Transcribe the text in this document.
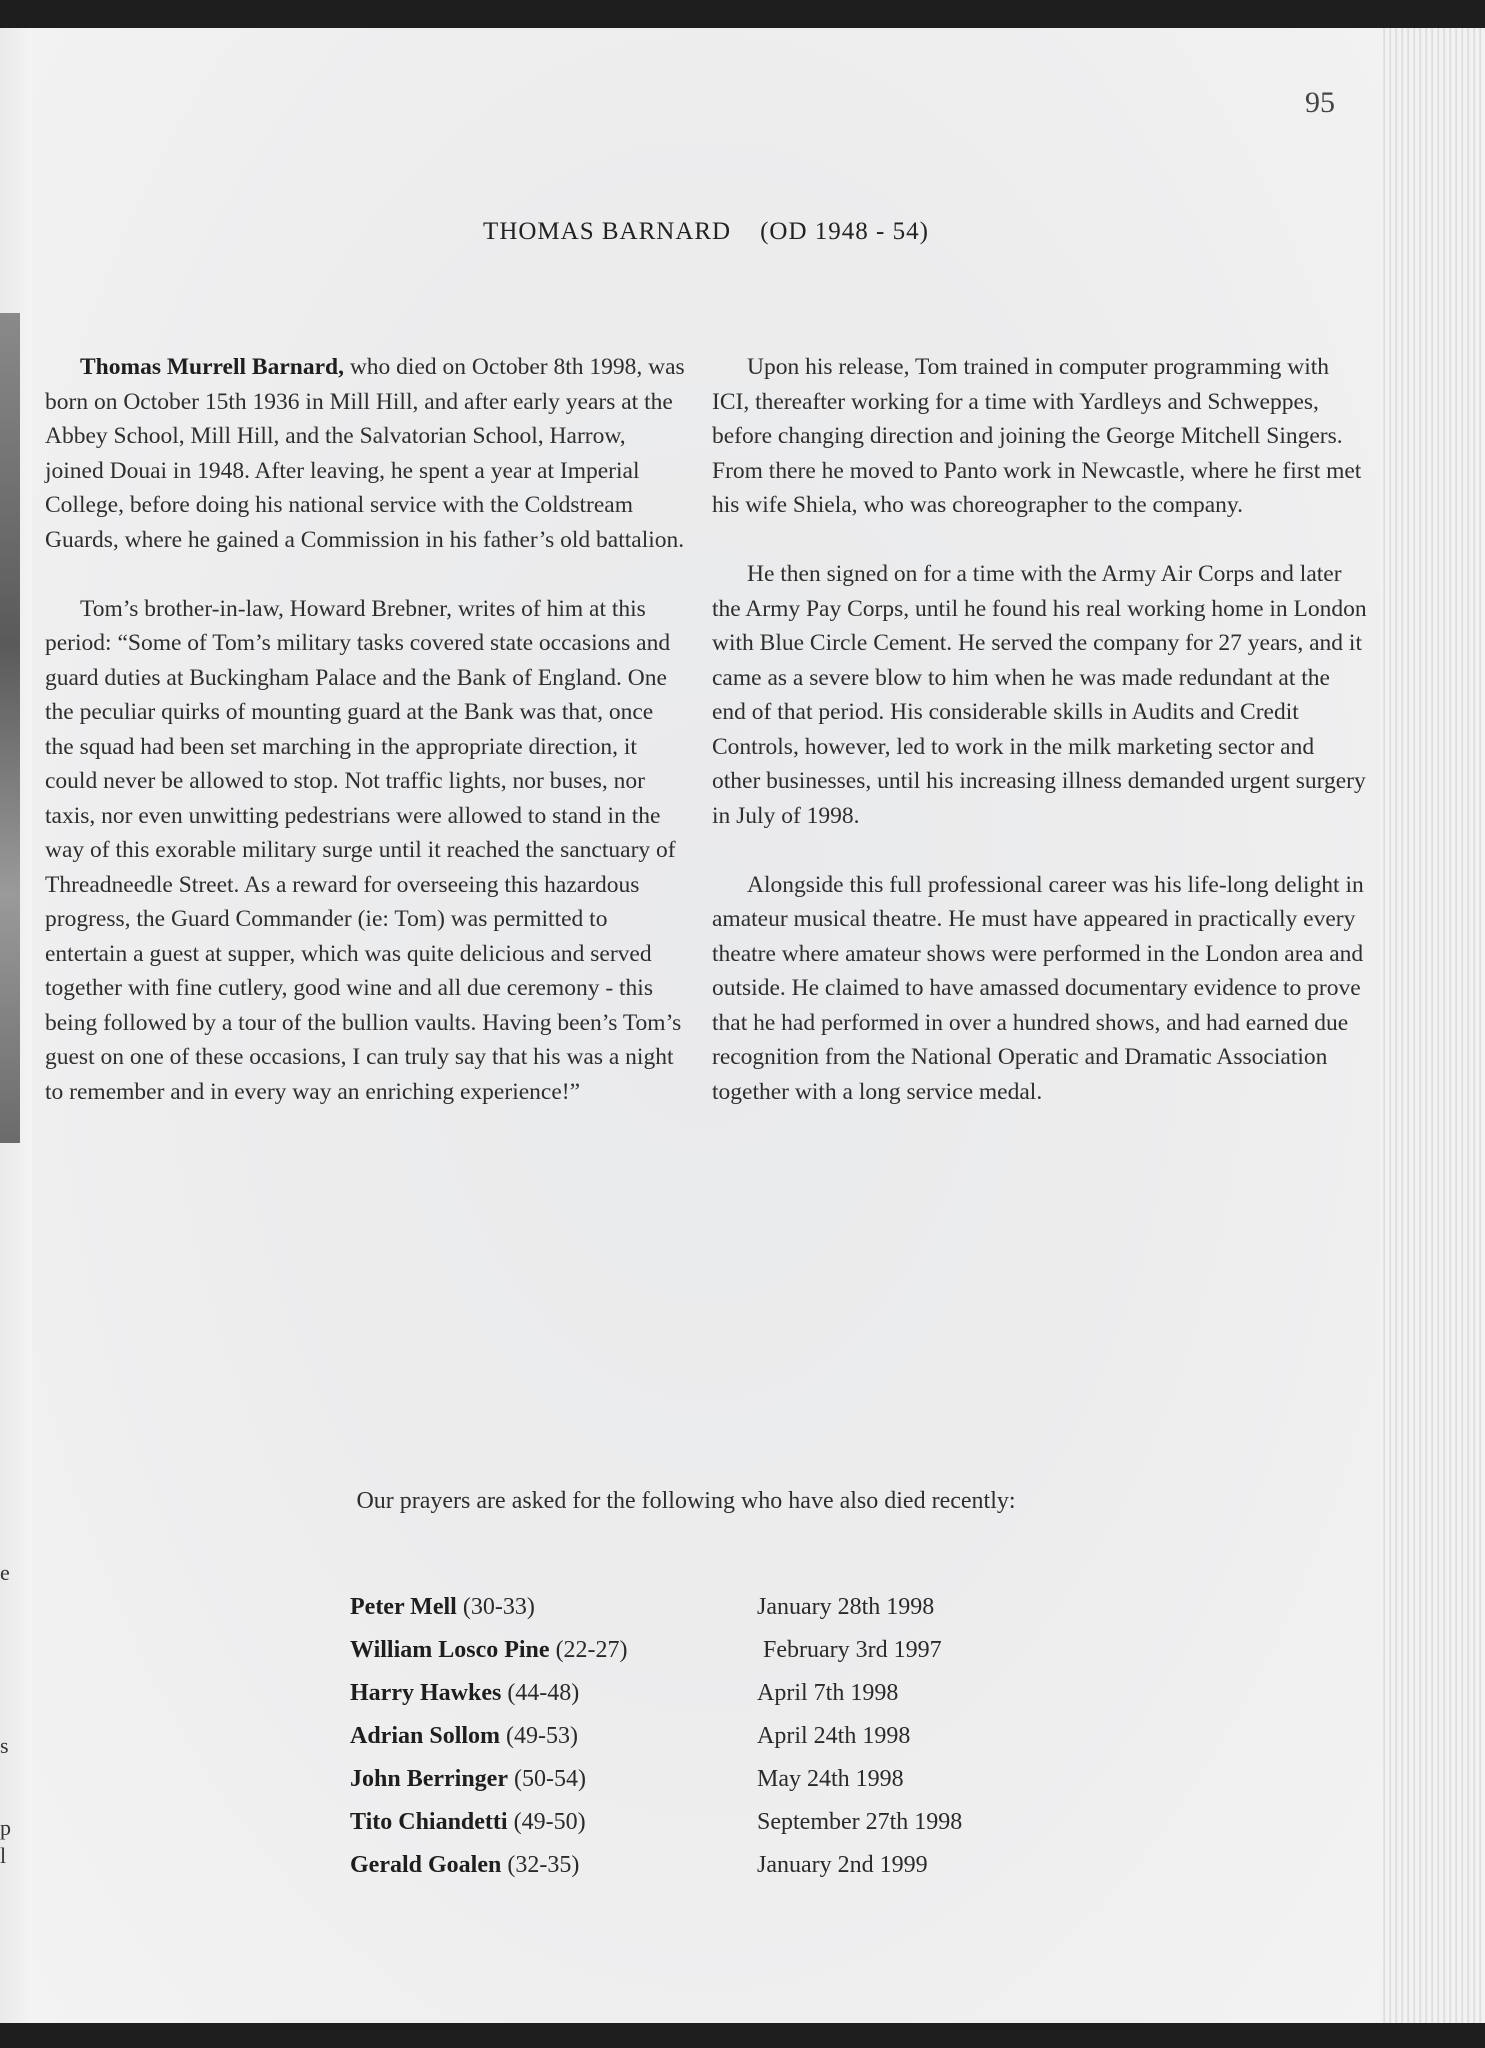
e
s
p
l
95
THOMAS BARNARD    (OD 1948 - 54)

Thomas Murrell Barnard, who died on October 8th 1998, was born on October 15th 1936 in Mill Hill, and after early years at the Abbey School, Mill Hill, and the Salvatorian School, Harrow, joined Douai in 1948. After leaving, he spent a year at Imperial College, before doing his national service with the Coldstream Guards, where he gained a Commission in his father’s old battalion.

Tom’s brother-in-law, Howard Brebner, writes of him at this period: “Some of Tom’s military tasks covered state occasions and guard duties at Buckingham Palace and the Bank of England. One the peculiar quirks of mounting guard at the Bank was that, once the squad had been set marching in the appropriate direction, it could never be allowed to stop. Not traffic lights, nor buses, nor taxis, nor even unwitting pedestrians were allowed to stand in the way of this exorable military surge until it reached the sanctuary of Threadneedle Street. As a reward for overseeing this hazardous progress, the Guard Commander (ie: Tom) was permitted to entertain a guest at supper, which was quite delicious and served together with fine cutlery, good wine and all due ceremony - this being followed by a tour of the bullion vaults. Having been’s Tom’s guest on one of these occasions, I can truly say that his was a night to remember and in every way an enriching experience!”

Upon his release, Tom trained in computer programming with ICI, thereafter working for a time with Yardleys and Schweppes, before changing direction and joining the George Mitchell Singers. From there he moved to Panto work in Newcastle, where he first met his wife Shiela, who was choreographer to the company.

He then signed on for a time with the Army Air Corps and later the Army Pay Corps, until he found his real working home in London with Blue Circle Cement. He served the company for 27 years, and it came as a severe blow to him when he was made redundant at the end of that period. His considerable skills in Audits and Credit Controls, however, led to work in the milk marketing sector and other businesses, until his increasing illness demanded urgent surgery in July of 1998.

Alongside this full professional career was his life-long delight in amateur musical theatre. He must have appeared in practically every theatre where amateur shows were performed in the London area and outside. He claimed to have amassed documentary evidence to prove that he had performed in over a hundred shows, and had earned due recognition from the National Operatic and Dramatic Association together with a long service medal.

Our prayers are asked for the following who have also died recently:
Peter Mell (30-33)	January 28th 1998
William Losco Pine (22-27)	February 3rd 1997
Harry Hawkes (44-48)	April 7th 1998
Adrian Sollom (49-53)	April 24th 1998
John Berringer (50-54)	May 24th 1998
Tito Chiandetti (49-50)	September 27th 1998
Gerald Goalen (32-35)	January 2nd 1999
